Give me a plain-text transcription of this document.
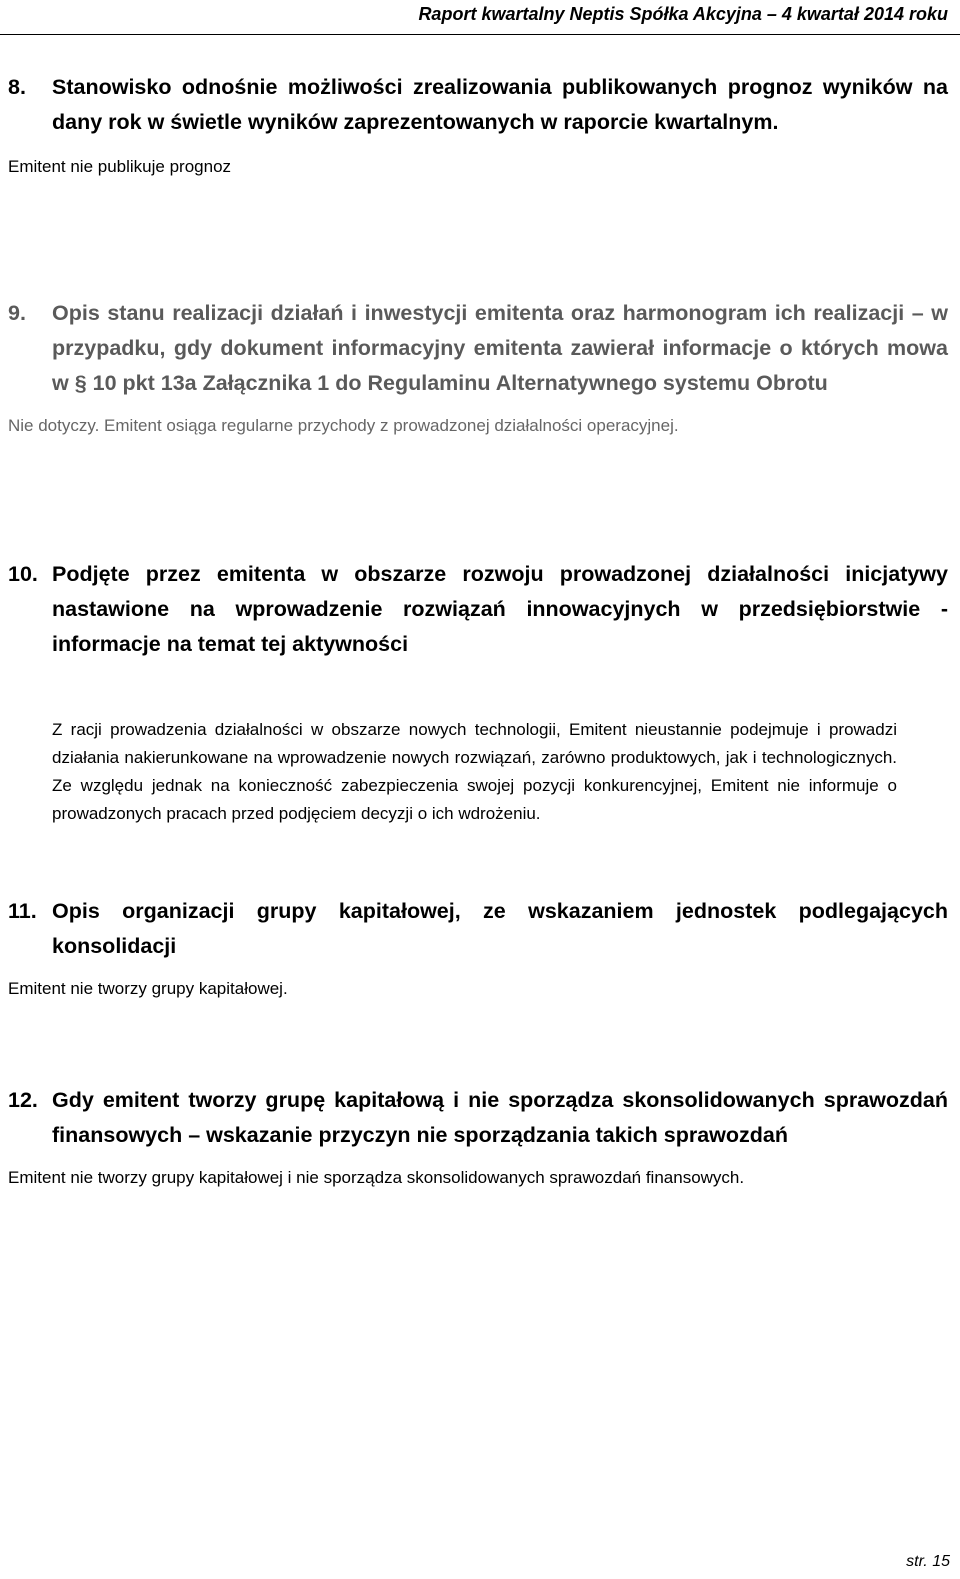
Raport kwartalny Neptis Spółka Akcyjna – 4 kwartał 2014 roku
8.	Stanowisko odnośnie możliwości zrealizowania publikowanych prognoz wyników na dany rok w świetle wyników zaprezentowanych w raporcie kwartalnym.

Emitent nie publikuje prognoz

9.	Opis stanu realizacji działań i inwestycji emitenta oraz harmonogram ich realizacji – w przypadku, gdy dokument informacyjny emitenta zawierał informacje o których mowa w § 10 pkt 13a Załącznika 1 do Regulaminu Alternatywnego systemu Obrotu

Nie dotyczy. Emitent osiąga regularne przychody z prowadzonej działalności operacyjnej.

10. Podjęte przez emitenta w obszarze rozwoju prowadzonej działalności inicjatywy nastawione na wprowadzenie rozwiązań innowacyjnych w przedsiębiorstwie - informacje na temat tej aktywności

Z racji prowadzenia działalności w obszarze nowych technologii, Emitent nieustannie podejmuje i prowadzi działania nakierunkowane na wprowadzenie nowych rozwiązań, zarówno produktowych, jak i technologicznych. Ze względu jednak na konieczność zabezpieczenia swojej pozycji konkurencyjnej, Emitent nie informuje o prowadzonych pracach przed podjęciem decyzji o ich wdrożeniu.

11. Opis organizacji grupy kapitałowej, ze wskazaniem jednostek podlegających konsolidacji

Emitent nie tworzy grupy kapitałowej.

12. Gdy emitent tworzy grupę kapitałową i nie sporządza skonsolidowanych sprawozdań finansowych – wskazanie przyczyn nie sporządzania takich sprawozdań

Emitent nie tworzy grupy kapitałowej i nie sporządza skonsolidowanych sprawozdań finansowych.

str. 15
